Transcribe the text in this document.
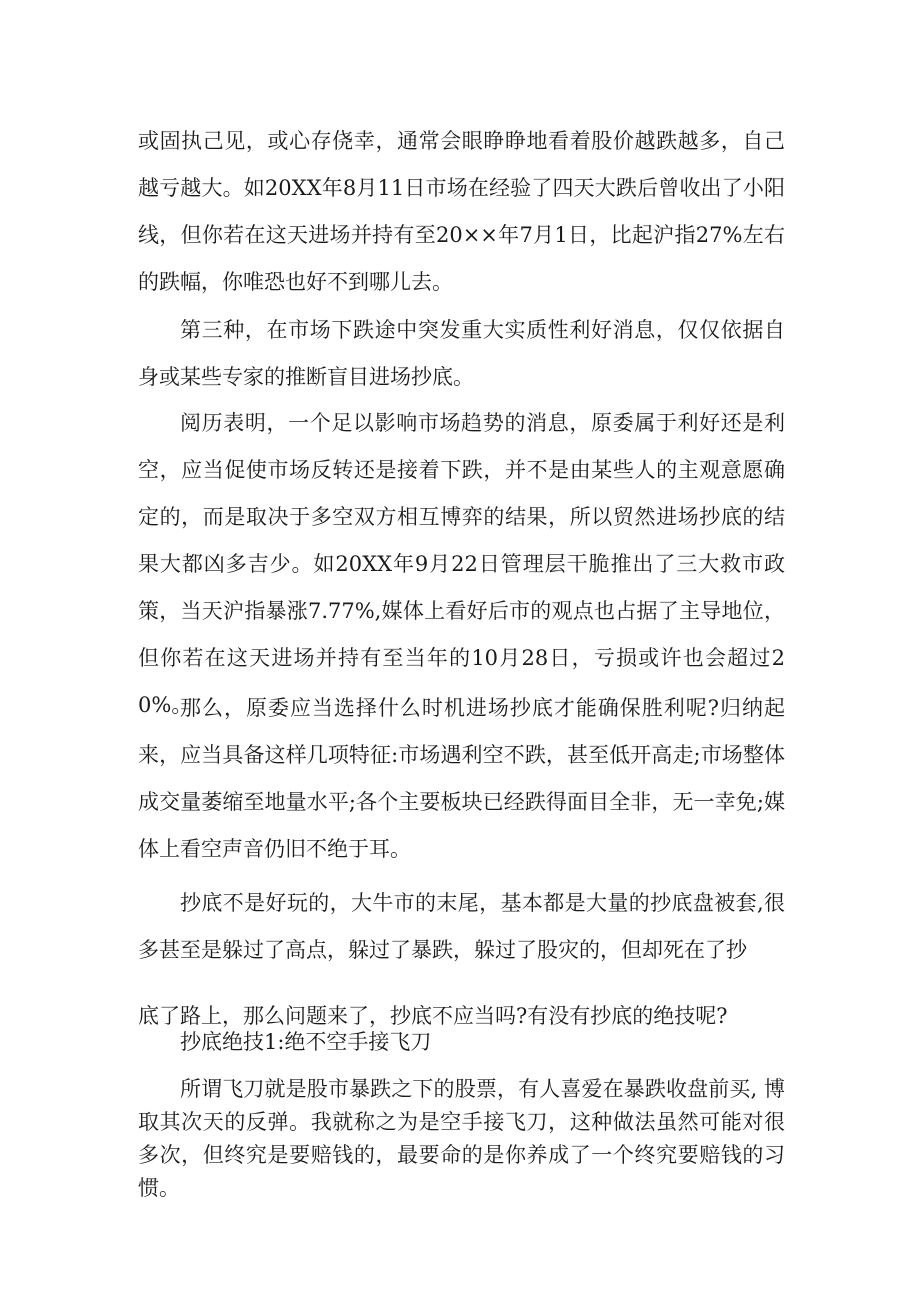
或固执己见，或心存侥幸，通常会眼睁睁地看着股价越跌越多，自己越亏越大。如20XX年8月11日市场在经验了四天大跌后曾收出了小阳线，但你若在这天进场并持有至20××年7月1日，比起沪指27%左右的跌幅，你唯恐也好不到哪儿去。

第三种，在市场下跌途中突发重大实质性利好消息，仅仅依据自身或某些专家的推断盲目进场抄底。

阅历表明，一个足以影响市场趋势的消息，原委属于利好还是利空，应当促使市场反转还是接着下跌，并不是由某些人的主观意愿确定的，而是取决于多空双方相互博弈的结果，所以贸然进场抄底的结果大都凶多吉少。如20XX年9月22日管理层干脆推出了三大救市政策，当天沪指暴涨7.77%,媒体上看好后市的观点也占据了主导地位，但你若在这天进场并持有至当年的10月28日，亏损或许也会超过20%。

那么，原委应当选择什么时机进场抄底才能确保胜利呢?归纳起来，应当具备这样几项特征:市场遇利空不跌，甚至低开高走;市场整体成交量萎缩至地量水平;各个主要板块已经跌得面目全非，无一幸免;媒体上看空声音仍旧不绝于耳。

抄底不是好玩的，大牛市的末尾，基本都是大量的抄底盘被套,很多甚至是躲过了高点，躲过了暴跌，躲过了股灾的，但却死在了抄

底了路上，那么问题来了，抄底不应当吗?有没有抄底的绝技呢?

抄底绝技1:绝不空手接飞刀

所谓飞刀就是股市暴跌之下的股票，有人喜爱在暴跌收盘前买, 博取其次天的反弹。我就称之为是空手接飞刀，这种做法虽然可能对很多次，但终究是要赔钱的，最要命的是你养成了一个终究要赔钱的习惯。
